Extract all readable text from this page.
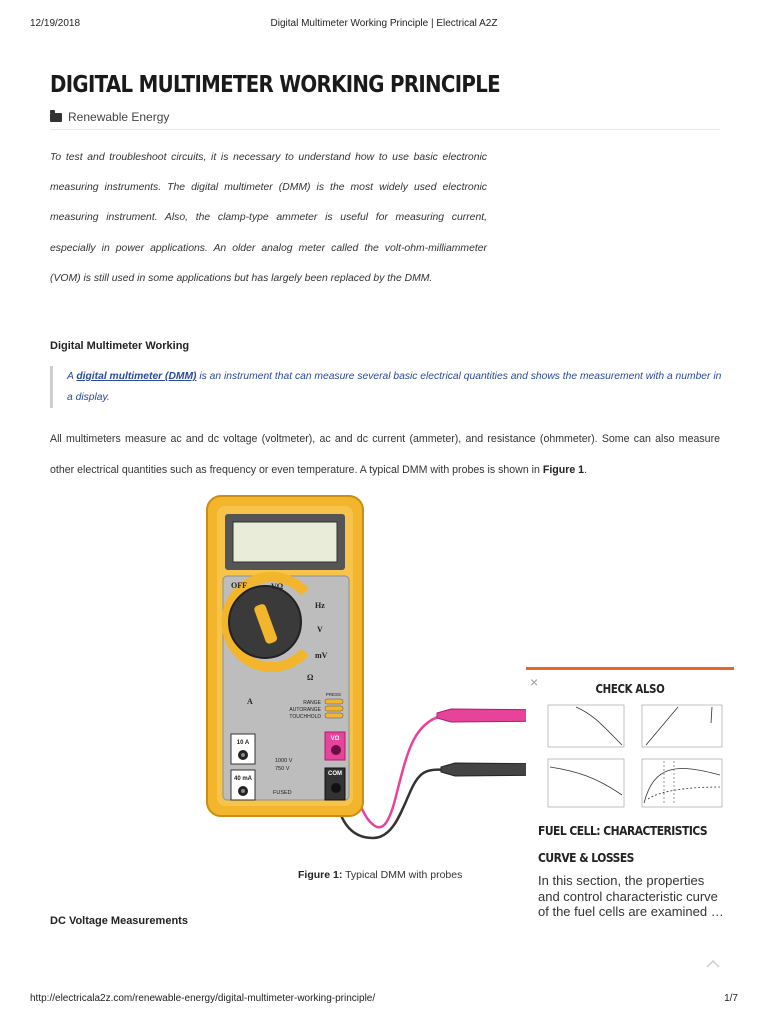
12/19/2018	Digital Multimeter Working Principle | Electrical A2Z
DIGITAL MULTIMETER WORKING PRINCIPLE
Renewable Energy

To test and troubleshoot circuits, it is necessary to understand how to use basic electronic measuring instruments. The digital multimeter (DMM) is the most widely used electronic measuring instrument. Also, the clamp-type ammeter is useful for measuring current, especially in power applications. An older analog meter called the volt-ohm-milliammeter (VOM) is still used in some applications but has largely been replaced by the DMM.

Digital Multimeter Working
A digital multimeter (DMM) is an instrument that can measure several basic electrical quantities and shows the measurement with a number in a display.

All multimeters measure ac and dc voltage (voltmeter), ac and dc current (ammeter), and resistance (ohmmeter). Some can also measure other electrical quantities such as frequency or even temperature. A typical DMM with probes is shown in Figure 1.

OFF	VΩ
Hz
V
mV
Ω
A
PRESS
RANGE
AUTORANGE
TOUCHHOLD
10 A
40 mA
VΩ
COM
1000 V
750 V
FUSED
Figure 1: Typical DMM with probes
DC Voltage Measurements
×	CHECK ALSO
FUEL CELL: CHARACTERISTICS CURVE & LOSSES
In this section, the properties and control characteristic curve of the fuel cells are examined …
http://electricala2z.com/renewable-energy/digital-multimeter-working-principle/	1/7
